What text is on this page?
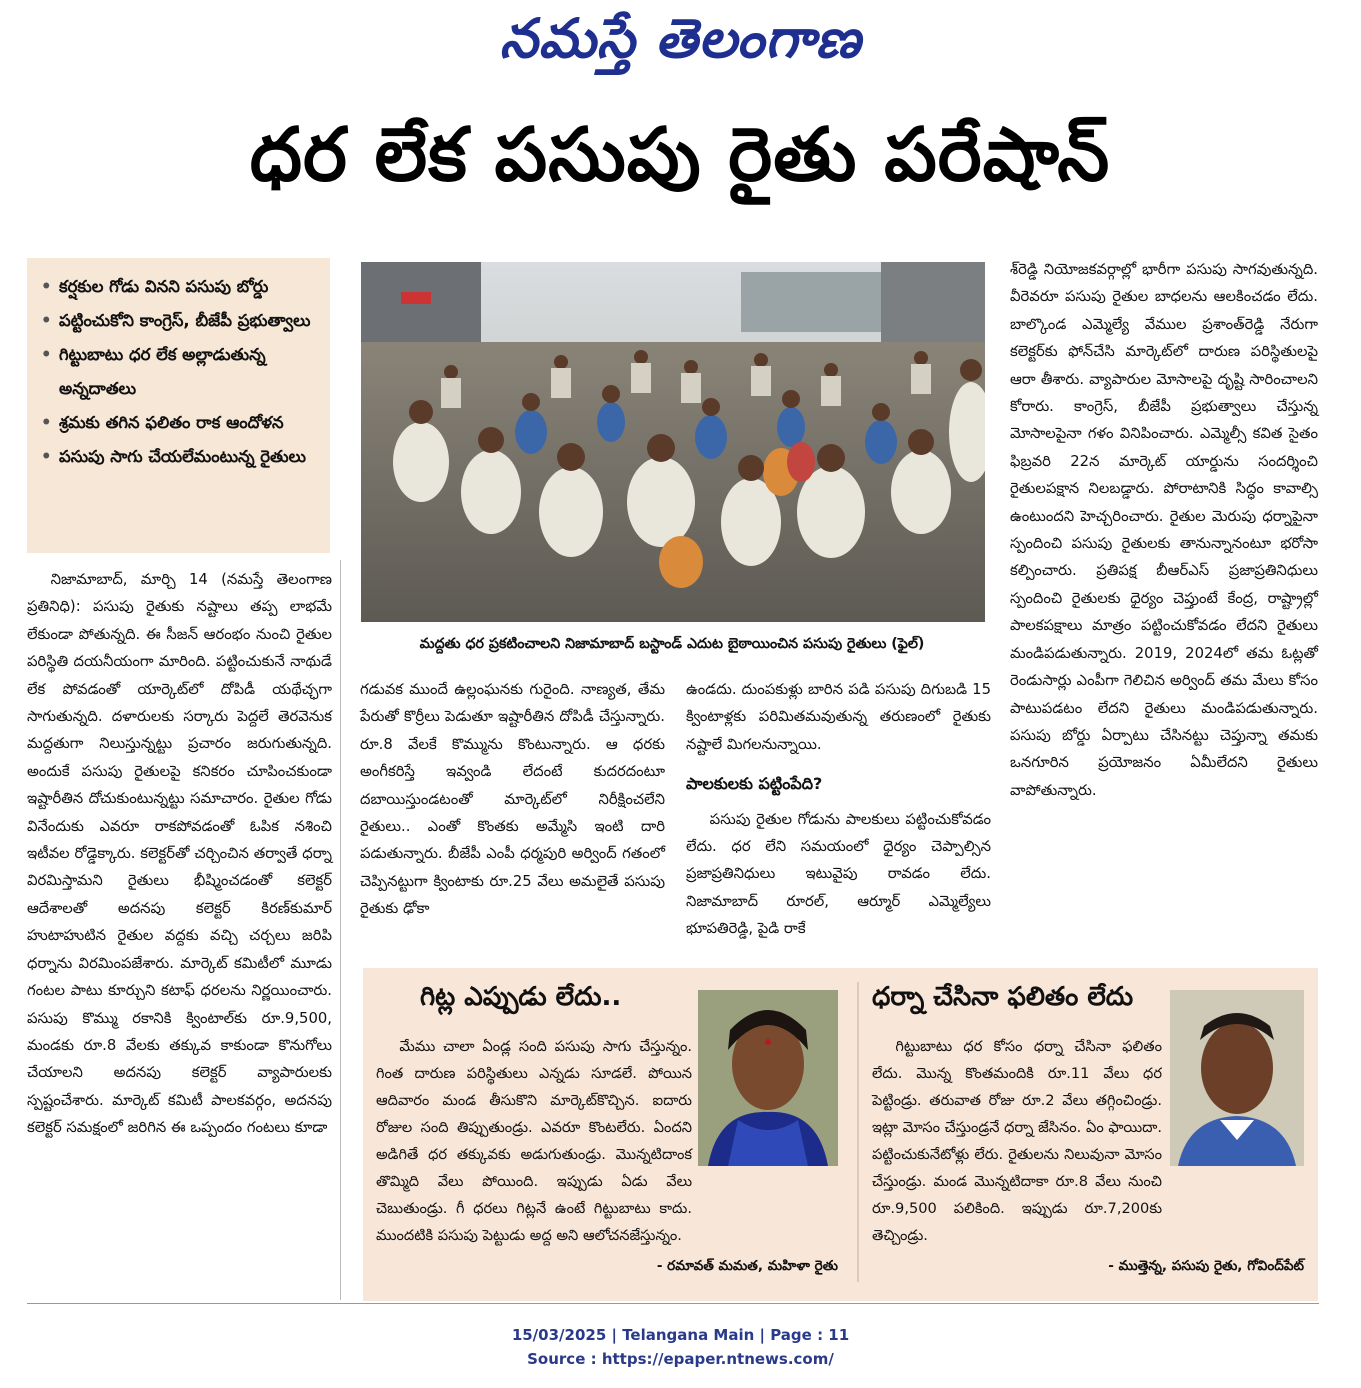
నమస్తే తెలంగాణ
ధర లేక పసుపు రైతు పరేషాన్
• కర్షకుల గోడు వినని పసుపు బోర్డు
• పట్టించుకోని కాంగ్రెస్, బీజేపీ ప్రభుత్వాలు
• గిట్టుబాటు ధర లేక అల్లాడుతున్న అన్నదాతలు
• శ్రమకు తగిన ఫలితం రాక ఆందోళన
• పసుపు సాగు చేయలేమంటున్న రైతులు
మద్దతు ధర ప్రకటించాలని నిజామాబాద్ బస్టాండ్ ఎదుట బైఠాయించిన పసుపు రైతులు (ఫైల్)

నిజామాబాద్, మార్చి 14 (నమస్తే తెలంగాణ ప్రతినిధి): పసుపు రైతుకు నష్టాలు తప్ప లాభమే లేకుండా పోతున్నది. ఈ సీజన్ ఆరంభం నుంచి రైతుల పరిస్థితి దయనీయంగా మారింది. పట్టించుకునే నాథుడే లేక పోవడంతో యార్కెట్‌లో దోపిడీ యథేచ్ఛగా సాగుతున్నది. దళారులకు సర్కారు పెద్దలే తెరవెనుక మద్దతుగా నిలుస్తున్నట్టు ప్రచారం జరుగుతున్నది. అందుకే పసుపు రైతులపై కనికరం చూపించకుండా ఇష్టారీతిన దోచుకుంటున్నట్టు సమాచారం. రైతుల గోడు వినేందుకు ఎవరూ రాకపోవడంతో ఓపిక నశించి ఇటీవల రోడ్డెక్కారు. కలెక్టర్‌తో చర్చించిన తర్వాతే ధర్నా విరమిస్తామని రైతులు భీష్మించడంతో కలెక్టర్ ఆదేశాలతో అదనపు కలెక్టర్ కిరణ్‌కుమార్ హుటాహుటిన రైతుల వద్దకు వచ్చి చర్చలు జరిపి ధర్నాను విరమింపజేశారు. మార్కెట్ కమిటీలో మూడు గంటల పాటు కూర్చుని కటాఫ్ ధరలను నిర్ణయించారు. పసుపు కొమ్ము రకానికి క్వింటాల్‌కు రూ.9,500, మండకు రూ.8 వేలకు తక్కువ కాకుండా కొనుగోలు చేయాలని అదనపు కలెక్టర్ వ్యాపారులకు స్పష్టంచేశారు. మార్కెట్ కమిటీ పాలకవర్గం, అదనపు కలెక్టర్ సమక్షంలో జరిగిన ఈ ఒప్పందం గంటలు కూడా

గడువక ముందే ఉల్లంఘనకు గురైంది. నాణ్యత, తేమ పేరుతో కొర్రీలు పెడుతూ ఇష్టారీతిన దోపిడీ చేస్తున్నారు. రూ.8 వేలకే కొమ్మును కొంటున్నారు. ఆ ధరకు అంగీకరిస్తే ఇవ్వండి లేదంటే కుదరదంటూ దబాయిస్తుండటంతో మార్కెట్‌లో నిరీక్షించలేని రైతులు.. ఎంతో కొంతకు అమ్మేసి ఇంటి దారి పడుతున్నారు. బీజేపీ ఎంపీ ధర్మపురి అర్వింద్ గతంలో చెప్పినట్టుగా క్వింటాకు రూ.25 వేలు అమలైతే పసుపు రైతుకు ఢోకా

ఉండదు. దుంపకుళ్లు బారిన పడి పసుపు దిగుబడి 15 క్వింటాళ్లకు పరిమితమవుతున్న తరుణంలో రైతుకు నష్టాలే మిగలనున్నాయి.

పాలకులకు పట్టింపేది?

పసుపు రైతుల గోడును పాలకులు పట్టించుకోవడం లేదు. ధర లేని సమయంలో ధైర్యం చెప్పాల్సిన ప్రజాప్రతినిధులు ఇటువైపు రావడం లేదు. నిజామాబాద్ రూరల్, ఆర్మూర్ ఎమ్మెల్యేలు భూపతిరెడ్డి, పైడి రాకే

శ్‌రెడ్డి నియోజకవర్గాల్లో భారీగా పసుపు సాగవుతున్నది. వీరెవరూ పసుపు రైతుల బాధలను ఆలకించడం లేదు. బాల్కొండ ఎమ్మెల్యే వేముల ప్రశాంత్‌రెడ్డి నేరుగా కలెక్టర్‌కు ఫోన్‌చేసి మార్కెట్‌లో దారుణ పరిస్థితులపై ఆరా తీశారు. వ్యాపారుల మోసాలపై దృష్టి సారించాలని కోరారు. కాంగ్రెస్, బీజేపీ ప్రభుత్వాలు చేస్తున్న మోసాలపైనా గళం వినిపించారు. ఎమ్మెల్సీ కవిత సైతం ఫిబ్రవరి 22న మార్కెట్ యార్డును సందర్శించి రైతులపక్షాన నిలబడ్డారు. పోరాటానికి సిద్ధం కావాల్సి ఉంటుందని హెచ్చరించారు. రైతుల మెరుపు ధర్నాపైనా స్పందించి పసుపు రైతులకు తానున్నానంటూ భరోసా కల్పించారు. ప్రతిపక్ష బీఆర్‌ఎస్ ప్రజాప్రతినిధులు స్పందించి రైతులకు ధైర్యం చెప్తుంటే కేంద్ర, రాష్ట్రాల్లో పాలకపక్షాలు మాత్రం పట్టించుకోవడం లేదని రైతులు మండిపడుతున్నారు. 2019, 2024లో తమ ఓట్లతో రెండుసార్లు ఎంపీగా గెలిచిన అర్వింద్ తమ మేలు కోసం పాటుపడటం లేదని రైతులు మండిపడుతున్నారు. పసుపు బోర్డు ఏర్పాటు చేసినట్టు చెప్తున్నా తమకు ఒనగూరిన ప్రయోజనం ఏమీలేదని రైతులు వాపోతున్నారు.

గిట్ల ఎప్పుడు లేదు..
మేము చాలా ఏండ్ల సంది పసుపు సాగు చేస్తున్నం. గింత దారుణ పరిస్థితులు ఎన్నడు సూడలే. పోయిన ఆదివారం మండ తీసుకొని మార్కెట్‌కొచ్చిన. ఐదారు రోజుల సంది తిప్పుతుండ్రు. ఎవరూ కొంటలేరు. ఏందని అడిగితే ధర తక్కువకు అడుగుతుండ్రు. మొన్నటిదాంక తొమ్మిది వేలు పోయింది. ఇప్పుడు ఏడు వేలు చెబుతుండ్రు. గీ ధరలు గిట్లనే ఉంటే గిట్టుబాటు కాదు. ముందటికి పసుపు పెట్టుడు అద్ద అని ఆలోచనజేస్తున్నం.
- రమావత్ మమత, మహిళా రైతు
ధర్నా చేసినా ఫలితం లేదు
గిట్టుబాటు ధర కోసం ధర్నా చేసినా ఫలితం లేదు. మొన్న కొంతమందికి రూ.11 వేలు ధర పెట్టిండ్రు. తరువాత రోజు రూ.2 వేలు తగ్గించిండ్రు. ఇట్లా మోసం చేస్తుండ్రనే ధర్నా జేసినం. ఏం ఫాయిదా. పట్టించుకునేటోళ్లు లేరు. రైతులను నిలువునా మోసం చేస్తుండ్రు. మండ మొన్నటిదాకా రూ.8 వేలు నుంచి రూ.9,500 పలికింది. ఇప్పుడు రూ.7,200కు తెచ్చిండ్రు.
- ముత్తెన్న, పసుపు రైతు, గోవింద్‌పేట్
15/03/2025 | Telangana Main | Page : 11
Source : https://epaper.ntnews.com/
